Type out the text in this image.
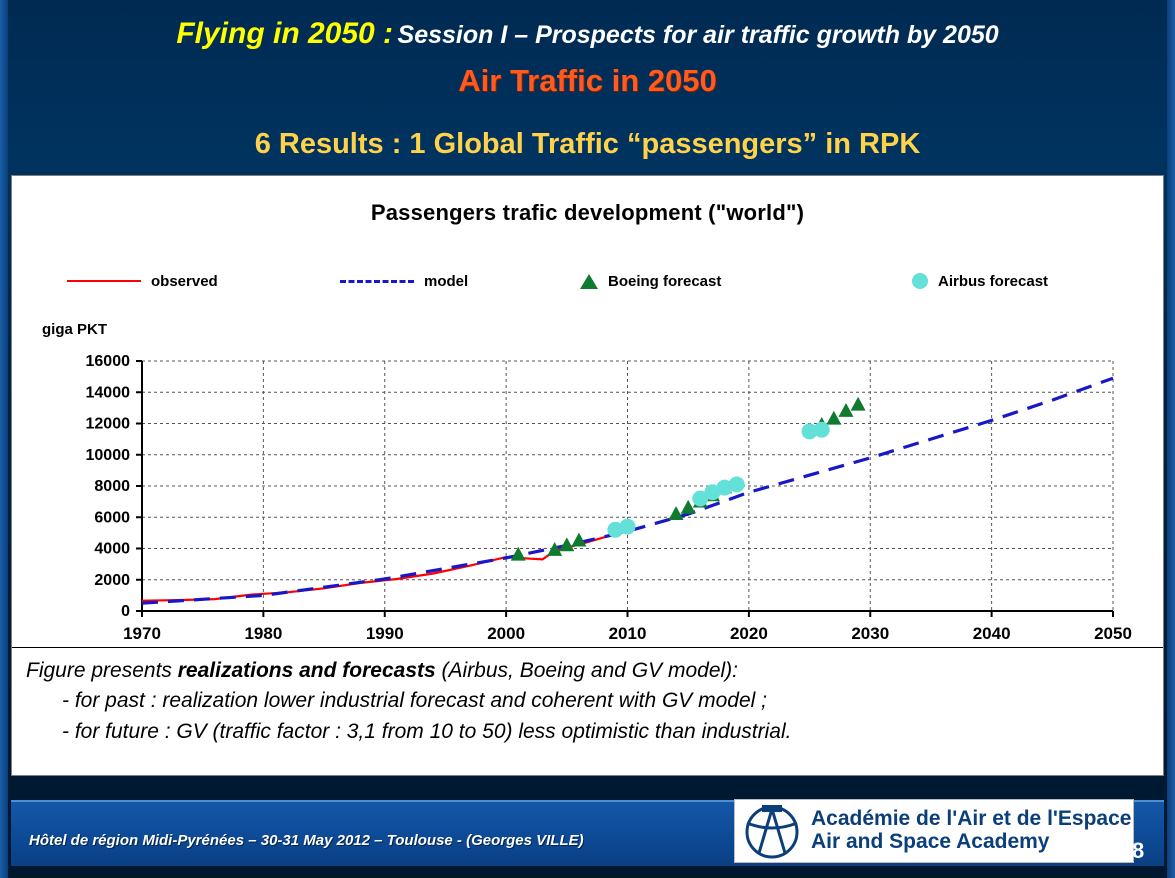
Flying in 2050 : Session I – Prospects for air traffic growth by 2050
Air Traffic in 2050
6 Results : 1 Global Traffic “passengers” in RPK
Passengers trafic development ("world")
observed	model	Boeing forecast	Airbus forecast
giga PKT
0
2000
4000
6000
8000
10000
12000
14000
16000
1970	1980	1990	2000	2010	2020	2030	2040	2050
Figure presents realizations and forecasts (Airbus, Boeing and GV model):
- for past : realization lower industrial forecast and coherent with GV model ;
- for future : GV (traffic factor : 3,1 from 10 to 50) less optimistic than industrial.
Hôtel de région Midi-Pyrénées – 30-31 May 2012 – Toulouse - (Georges VILLE)
Académie de l'Air et de l'Espace
Air and Space Academy	8
